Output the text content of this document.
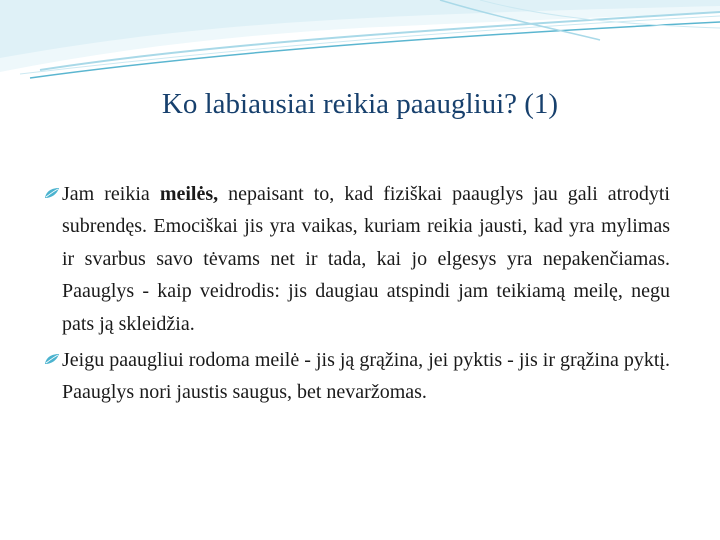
Ko labiausiai reikia paaugliui? (1)

Jam reikia meilės, nepaisant to, kad fiziškai paauglys jau gali atrodyti subrendęs. Emociškai jis yra vaikas, kuriam reikia jausti, kad yra mylimas ir svarbus savo tėvams net ir tada, kai jo elgesys yra nepakenčiamas. Paauglys - kaip veidrodis: jis daugiau atspindi jam teikiamą meilę, negu pats ją skleidžia.

Jeigu paaugliui rodoma meilė - jis ją grąžina, jei pyktis - jis ir grąžina pyktį. Paauglys nori jaustis saugus, bet nevaržomas.
